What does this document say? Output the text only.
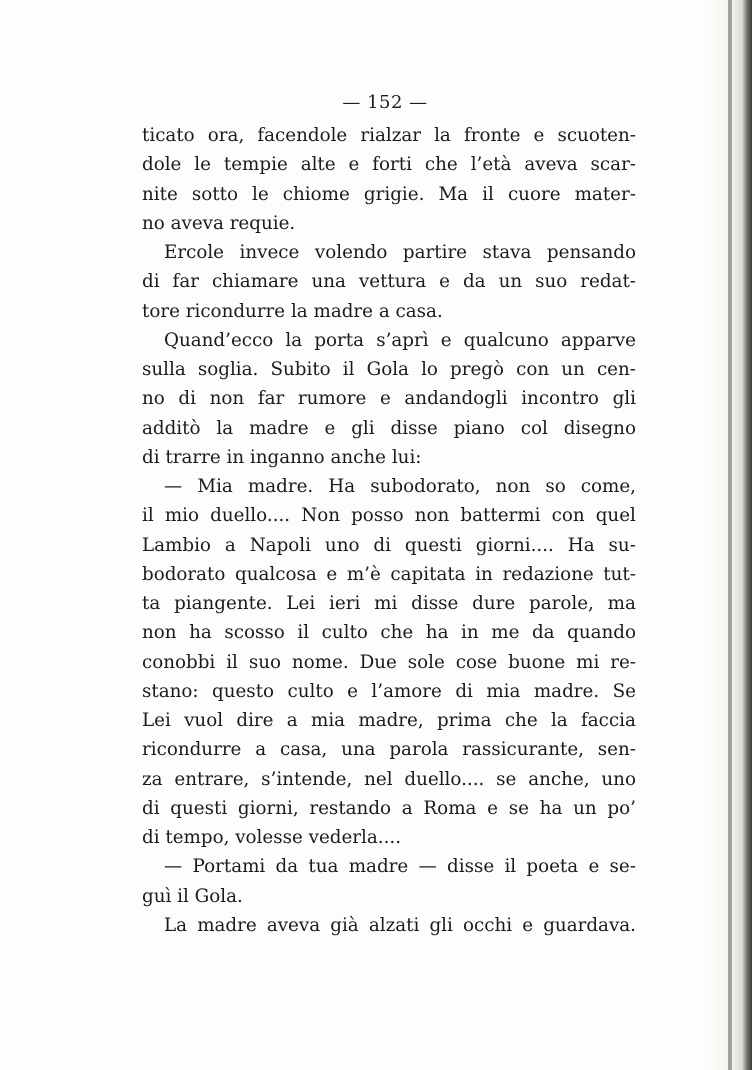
— 152 —
ticato ora, facendole rialzar la fronte e scuoten-
dole le tempie alte e forti che l’età aveva scar-
nite sotto le chiome grigie. Ma il cuore mater-
no aveva requie.
Ercole invece volendo partire stava pensando
di far chiamare una vettura e da un suo redat-
tore ricondurre la madre a casa.
Quand’ecco la porta s’aprì e qualcuno apparve
sulla soglia. Subito il Gola lo pregò con un cen-
no di non far rumore e andandogli incontro gli
additò la madre e gli disse piano col disegno
di trarre in inganno anche lui:
— Mia madre. Ha subodorato, non so come,
il mio duello.... Non posso non battermi con quel
Lambio a Napoli uno di questi giorni.... Ha su-
bodorato qualcosa e m’è capitata in redazione tut-
ta piangente. Lei ieri mi disse dure parole, ma
non ha scosso il culto che ha in me da quando
conobbi il suo nome. Due sole cose buone mi re-
stano: questo culto e l’amore di mia madre. Se
Lei vuol dire a mia madre, prima che la faccia
ricondurre a casa, una parola rassicurante, sen-
za entrare, s’intende, nel duello.... se anche, uno
di questi giorni, restando a Roma e se ha un po’
di tempo, volesse vederla....
— Portami da tua madre — disse il poeta e se-
guì il Gola.
La madre aveva già alzati gli occhi e guardava.
